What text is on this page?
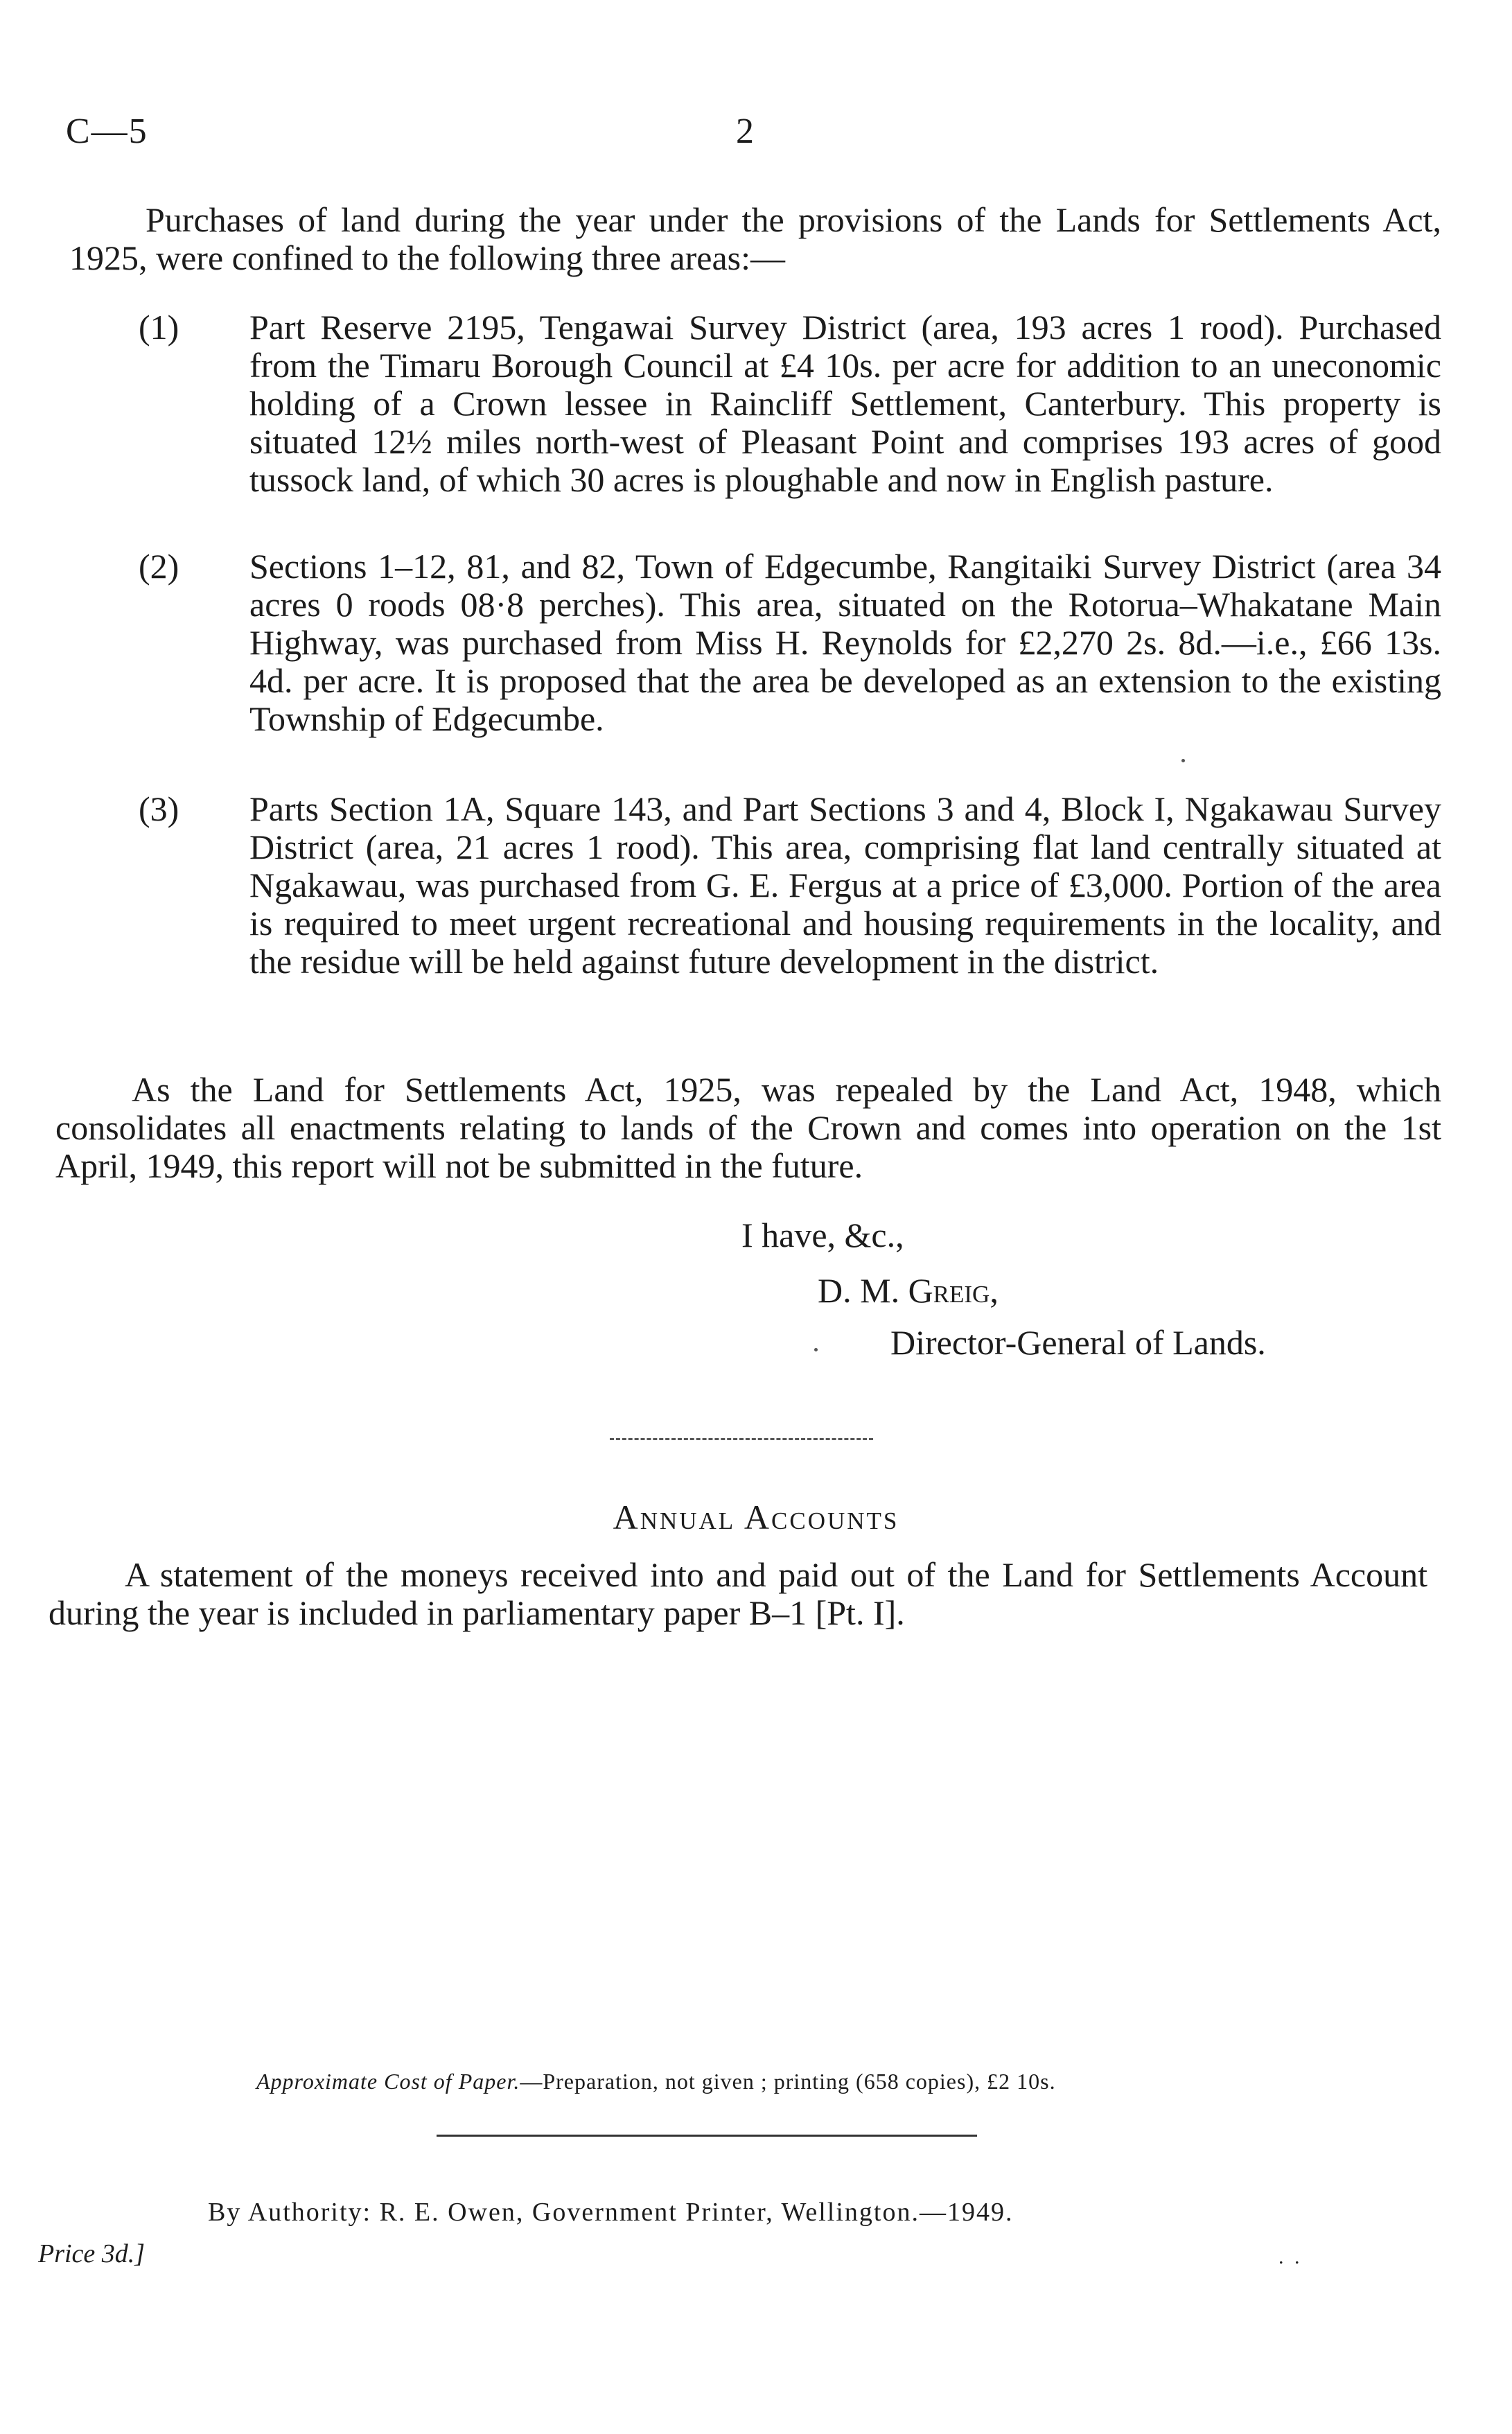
C—5	2

Purchases of land during the year under the provisions of the Lands for Settlements Act, 1925, were confined to the following three areas:—

(1) Part Reserve 2195, Tengawai Survey District (area, 193 acres 1 rood). Purchased from the Timaru Borough Council at £4 10s. per acre for addition to an uneconomic holding of a Crown lessee in Raincliff Settlement, Canterbury. This property is situated 12½ miles north-west of Pleasant Point and comprises 193 acres of good tussock land, of which 30 acres is ploughable and now in English pasture.
(2) Sections 1–12, 81, and 82, Town of Edgecumbe, Rangitaiki Survey District (area 34 acres 0 roods 08·8 perches). This area, situated on the Rotorua–Whakatane Main Highway, was purchased from Miss H. Reynolds for £2,270 2s. 8d.—i.e., £66 13s. 4d. per acre. It is proposed that the area be developed as an extension to the existing Township of Edgecumbe.
(3) Parts Section 1A, Square 143, and Part Sections 3 and 4, Block I, Ngakawau Survey District (area, 21 acres 1 rood). This area, comprising flat land centrally situated at Ngakawau, was purchased from G. E. Fergus at a price of £3,000. Portion of the area is required to meet urgent recreational and housing requirements in the locality, and the residue will be held against future development in the district.

As the Land for Settlements Act, 1925, was repealed by the Land Act, 1948, which consolidates all enactments relating to lands of the Crown and comes into operation on the 1st April, 1949, this report will not be submitted in the future.

I have, &c.,
D. M. Greig,
Director-General of Lands.
Annual Accounts

A statement of the moneys received into and paid out of the Land for Settlements Account during the year is included in parliamentary paper B–1 [Pt. I].

Approximate Cost of Paper.—Preparation, not given ; printing (658 copies), £2 10s.
By Authority: R. E. Owen, Government Printer, Wellington.—1949.
Price 3d.]	. .
